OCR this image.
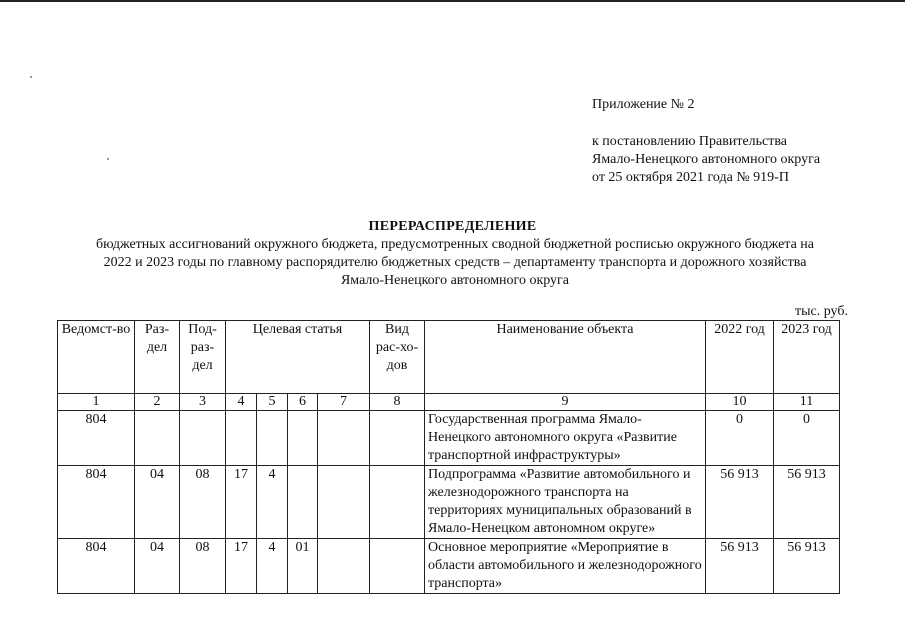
Приложение № 2
к постановлению Правительства
Ямало-Ненецкого автономного округа
от 25 октября 2021 года № 919-П
ПЕРЕРАСПРЕДЕЛЕНИЕ
бюджетных ассигнований окружного бюджета, предусмотренных сводной бюджетной росписью окружного бюджета на
2022 и 2023 годы по главному распорядителю бюджетных средств – департаменту транспорта и дорожного хозяйства
Ямало-Ненецкого автономного округа
тыс. руб.
Ведомст-во	Раз-дел	Под-раз-дел	Целевая статья				Вид рас-хо-дов	Наименование объекта	2022 год	2023 год
1	2	3	4	5	6	7	8	9	10	11
804								Государственная программа Ямало-Ненецкого автономного округа «Развитие транспортной инфраструктуры»	0	0
804	04	08	17	4				Подпрограмма «Развитие автомобильного и железнодорожного транспорта на территориях муниципальных образований в Ямало-Ненецком автономном округе»	56 913	56 913
804	04	08	17	4	01			Основное мероприятие «Мероприятие в области автомобильного и железнодорожного транспорта»	56 913	56 913
